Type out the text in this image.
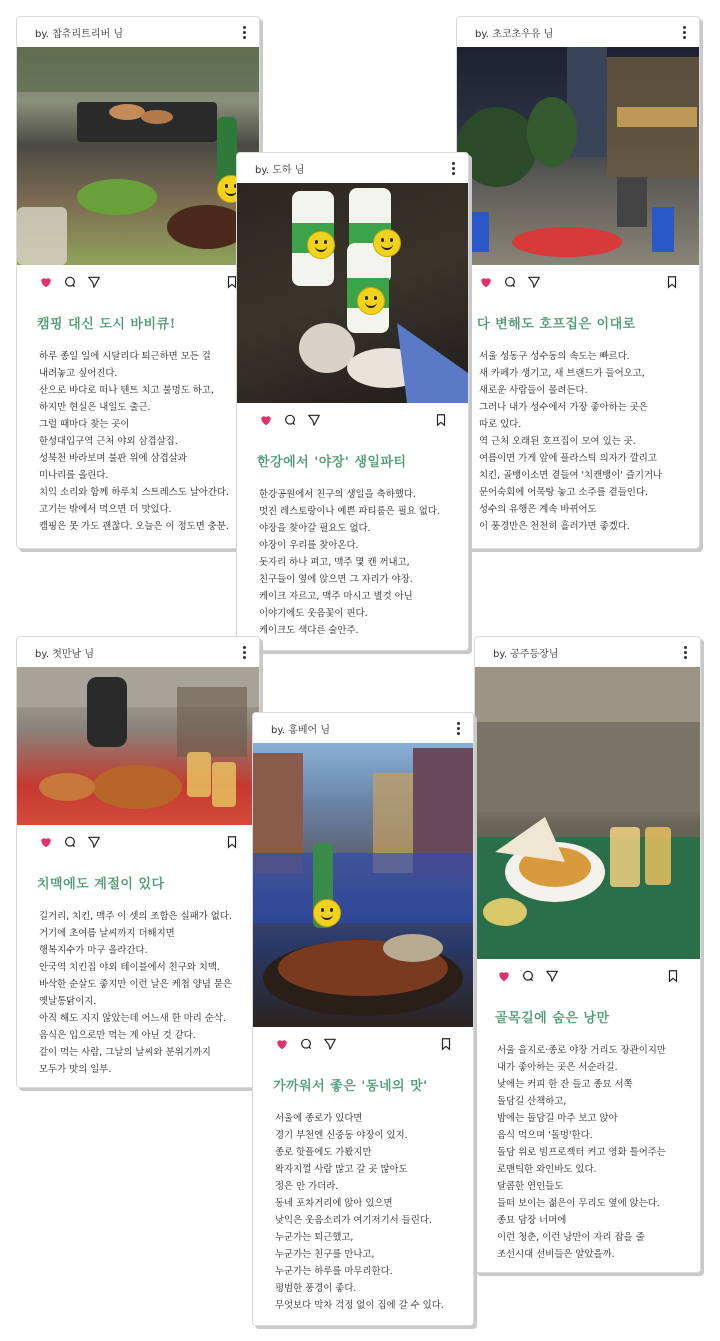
by. 찹츄리트리버 님
캠핑 대신 도시 바비큐!

하루 종일 일에 시달리다 퇴근하면 모든 걸

내려놓고 싶어진다.

산으로 바다로 떠나 텐트 치고 불멍도 하고,

하지만 현실은 내일도 출근.

그럴 때마다 찾는 곳이

한성대입구역 근처 야외 삼겹살집.

성북천 바라보며 불판 위에 삼겹살과

미나리를 올린다.

치익 소리와 함께 하루치 스트레스도 날아간다.

고기는 밖에서 먹으면 더 맛있다.

캠핑은 못 가도 괜찮다. 오늘은 이 정도면 충분.

by. 초코초우유 님
다 변해도 호프집은 이대로

서울 성동구 성수동의 속도는 빠르다.

새 카페가 생기고, 새 브랜드가 들어오고,

새로운 사람들이 몰려든다.

그러나 내가 성수에서 가장 좋아하는 곳은

따로 있다.

역 근처 오래된 호프집이 모여 있는 곳.

여름이면 가게 앞에 플라스틱 의자가 깔리고

치킨, 골뱅이소면 곁들여 '치캔뱅이' 즐기거나

문어숙회에 어묵탕 놓고 소주를 곁들인다.

성수의 유행은 계속 바뀌어도

이 풍경만은 천천히 흘러가면 좋겠다.

by. 도하 님
한강에서 '야장' 생일파티

한강공원에서 친구의 생일을 축하했다.

멋진 레스토랑이나 예쁜 파티룸은 필요 없다.

야장을 찾아갈 필요도 없다.

야장이 우리를 찾아온다.

돗자리 하나 펴고, 맥주 몇 캔 꺼내고,

친구들이 옆에 앉으면 그 자리가 야장.

케이크 자르고, 맥주 마시고 별것 아닌

이야기에도 웃음꽃이 핀다.

케이크도 색다른 술안주.

by. 첫만남 님
치맥에도 계절이 있다

길거리, 치킨, 맥주 이 셋의 조합은 실패가 없다.

거기에 초여름 날씨까지 더해지면

행복지수가 마구 올라간다.

안국역 치킨집 야외 테이블에서 친구와 치맥.

바삭한 순살도 좋지만 이런 날은 케첩 양념 묻은

옛날통닭이지.

아직 해도 지지 않았는데 어느새 한 마리 순삭.

음식은 입으로만 먹는 게 아닌 것 같다.

같이 먹는 사람, 그날의 날씨와 분위기까지

모두가 맛의 일부.

by. 공주등장님
골목길에 숨은 낭만

서울 을지로·종로 야장 거리도 장관이지만

내가 좋아하는 곳은 서순라길.

낮에는 커피 한 잔 들고 종묘 서쪽

돌담길 산책하고,

밤에는 돌담길 마주 보고 앉아

음식 먹으며 '돌멍'한다.

돌담 위로 빔프로젝터 켜고 영화 틀어주는

로맨틱한 와인바도 있다.

달콤한 연인들도

들떠 보이는 젊은이 무리도 옆에 앉는다.

종묘 담장 너머에

이런 청춘, 이런 낭만이 자리 잡을 줄

조선시대 선비들은 알았을까.

by. 홍베어 님
가까워서 좋은 '동네의 맛'

서울에 종로가 있다면

경기 부천엔 신중동 야장이 있지.

종로 핫플에도 가봤지만

왁자지껄 사람 많고 갈 곳 많아도

정은 안 가더라.

동네 포차거리에 앉아 있으면

낮익은 웃음소리가 여기저기서 들린다.

누군가는 퇴근했고,

누군가는 친구를 만나고,

누군가는 하루를 마무리한다.

평범한 풍경이 좋다.

무엇보다 막차 걱정 없이 집에 갈 수 있다.
